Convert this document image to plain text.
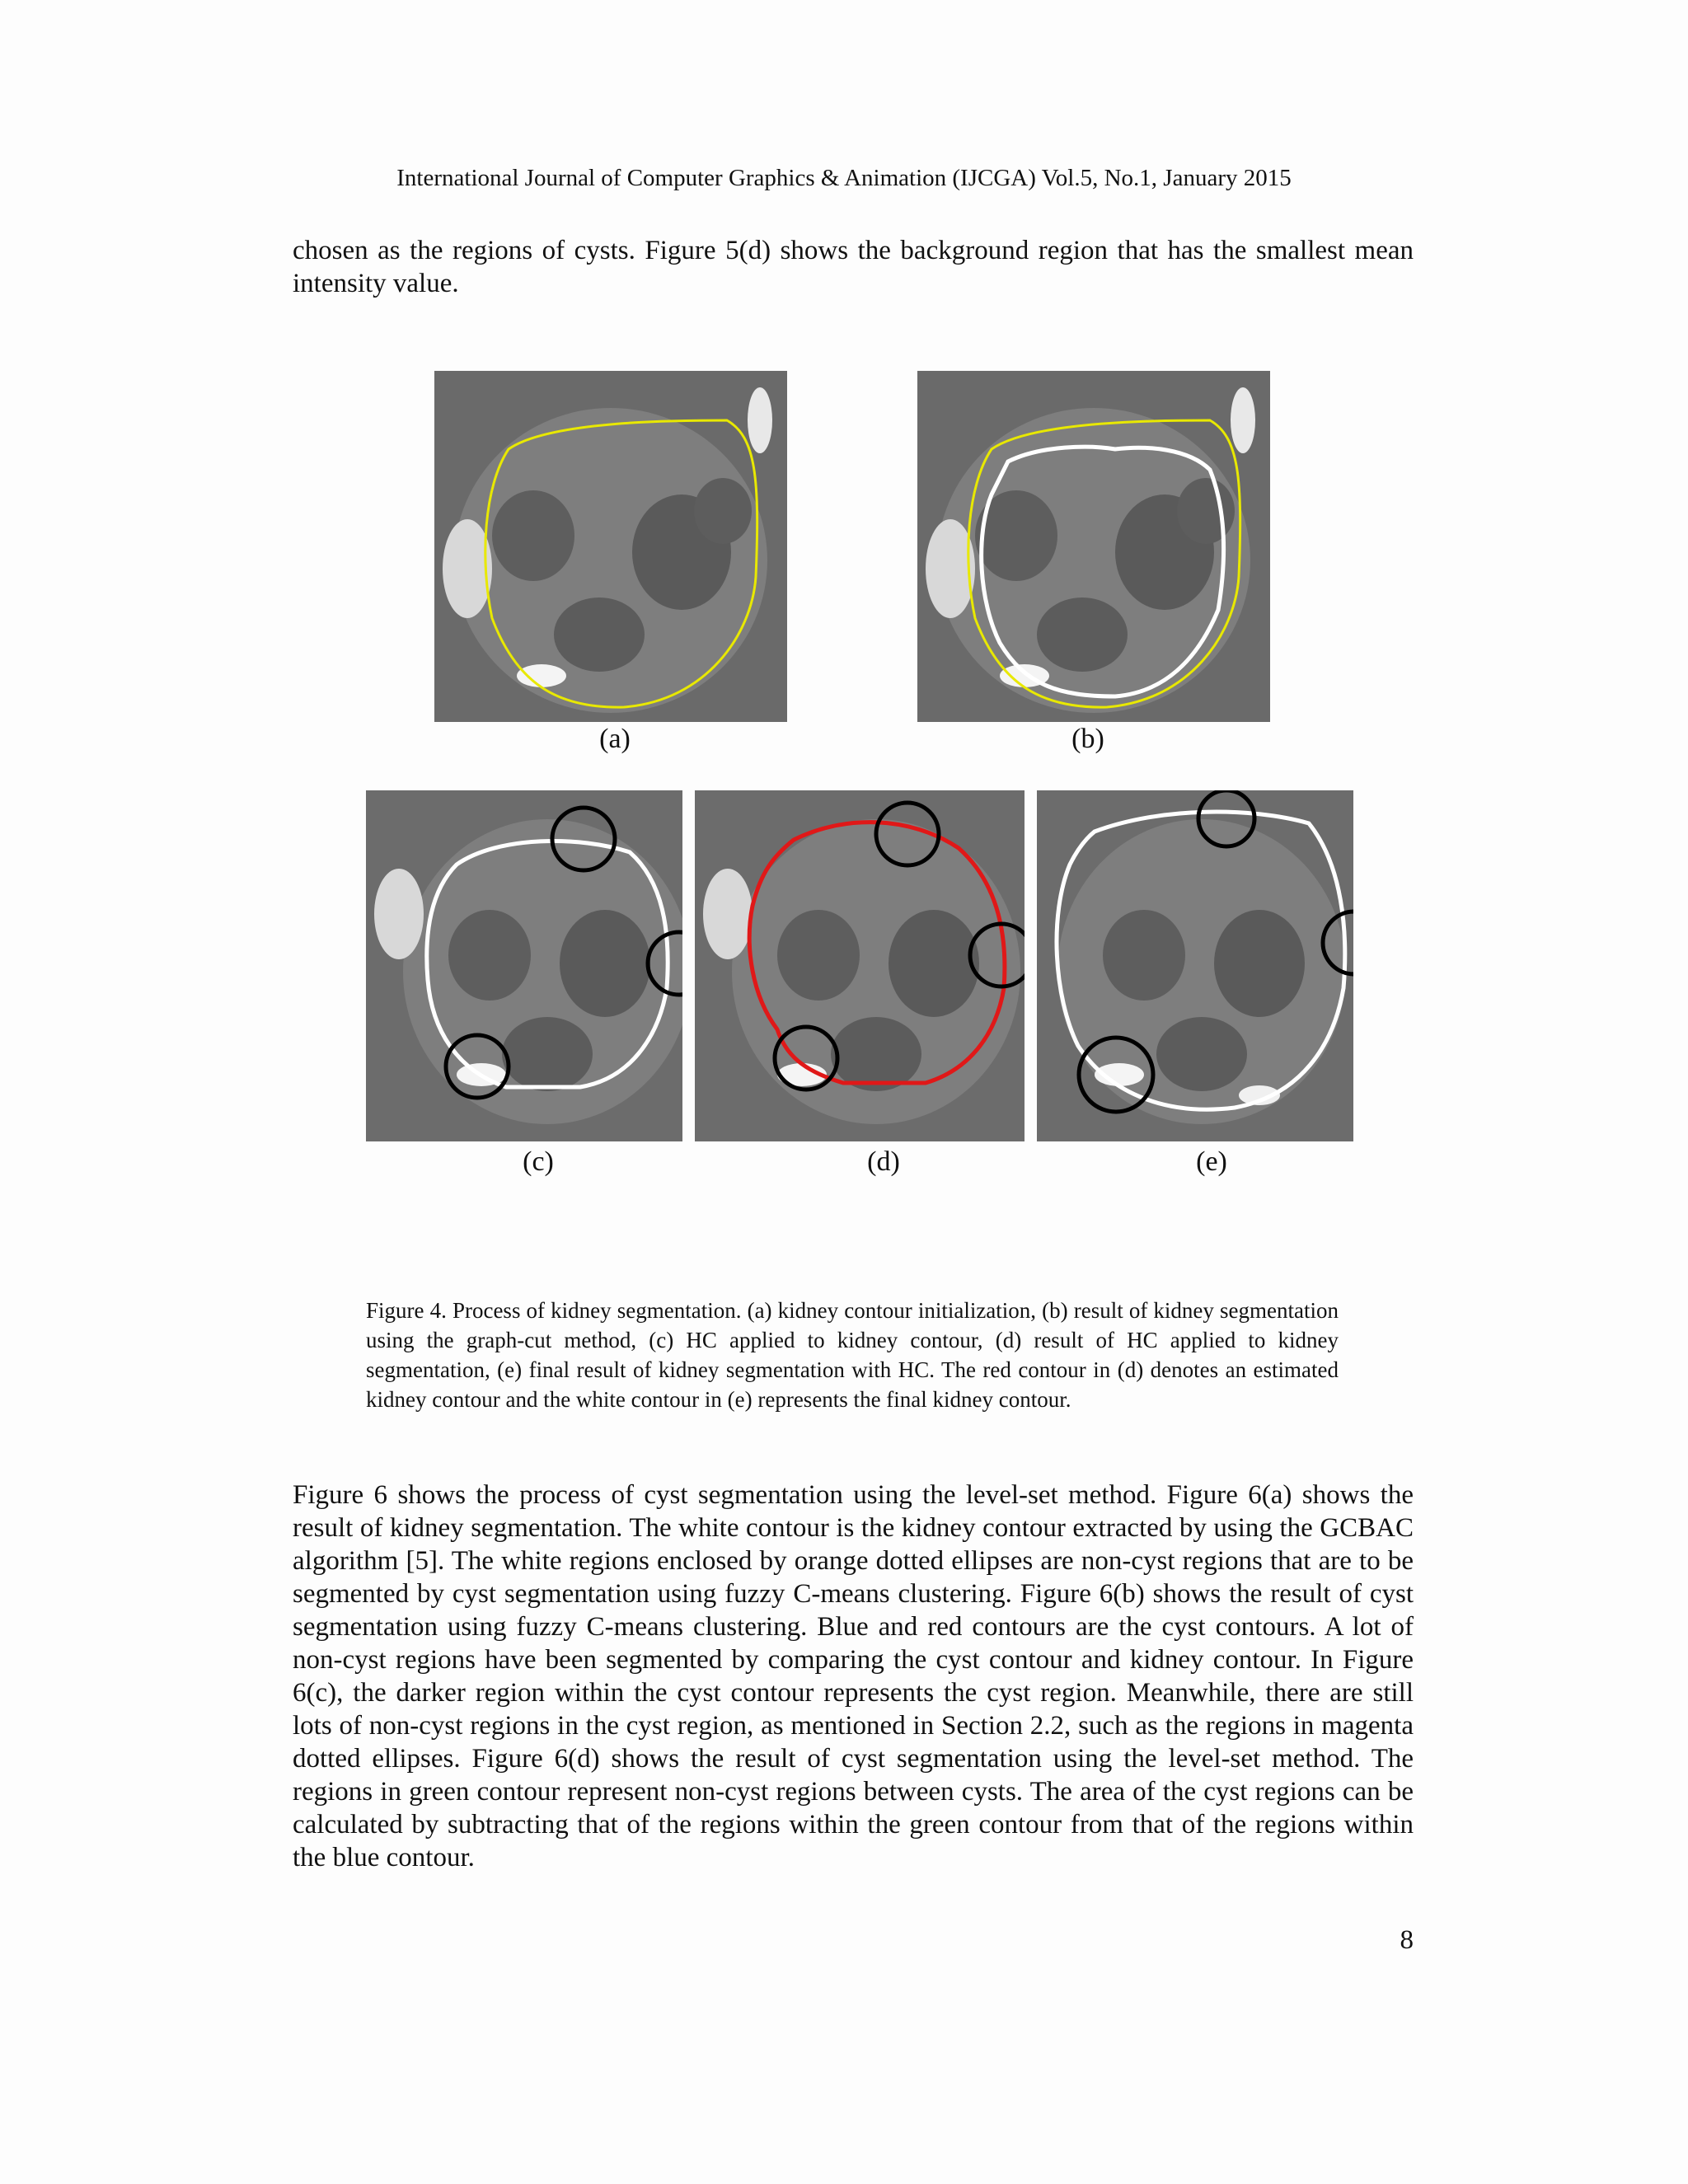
International Journal of Computer Graphics & Animation (IJCGA) Vol.5, No.1, January 2015
chosen as the regions of cysts. Figure 5(d) shows the background region that has the smallest mean intensity value.
(a)	(b)
(c)	(d)	(e)
Figure 4. Process of kidney segmentation. (a) kidney contour initialization, (b) result of kidney segmentation using the graph-cut method, (c) HC applied to kidney contour, (d) result of HC applied to kidney segmentation, (e) final result of kidney segmentation with HC. The red contour in (d) denotes an estimated kidney contour and the white contour in (e) represents the final kidney contour.
Figure 6 shows the process of cyst segmentation using the level-set method. Figure 6(a) shows the result of kidney segmentation. The white contour is the kidney contour extracted by using the GCBAC algorithm [5]. The white regions enclosed by orange dotted ellipses are non-cyst regions that are to be segmented by cyst segmentation using fuzzy C-means clustering. Figure 6(b) shows the result of cyst segmentation using fuzzy C-means clustering. Blue and red contours are the cyst contours. A lot of non-cyst regions have been segmented by comparing the cyst contour and kidney contour. In Figure 6(c), the darker region within the cyst contour represents the cyst region. Meanwhile, there are still lots of non-cyst regions in the cyst region, as mentioned in Section 2.2, such as the regions in magenta dotted ellipses. Figure 6(d) shows the result of cyst segmentation using the level-set method. The regions in green contour represent non-cyst regions between cysts. The area of the cyst regions can be calculated by subtracting that of the regions within the green contour from that of the regions within the blue contour.
8
